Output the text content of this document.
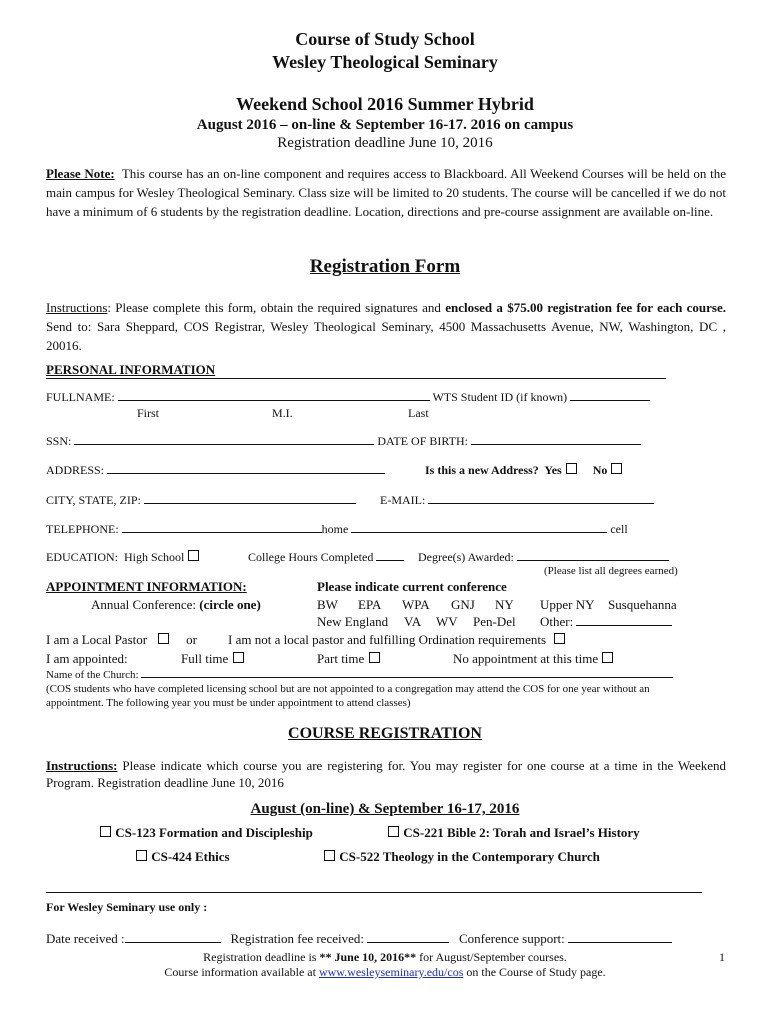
Course of Study School
Wesley Theological Seminary
Weekend School 2016 Summer Hybrid
August 2016 – on-line & September 16-17. 2016 on campus
Registration deadline June 10, 2016
Please Note: This course has an on-line component and requires access to Blackboard. All Weekend Courses will be held on the main campus for Wesley Theological Seminary. Class size will be limited to 20 students. The course will be cancelled if we do not have a minimum of 6 students by the registration deadline. Location, directions and pre-course assignment are available on-line.
Registration Form
Instructions: Please complete this form, obtain the required signatures and enclosed a $75.00 registration fee for each course. Send to: Sara Sheppard, COS Registrar, Wesley Theological Seminary, 4500 Massachusetts Avenue, NW, Washington, DC , 20016.
PERSONAL INFORMATION
FULLNAME:	WTS Student ID (if known)
First	M.I.	Last
SSN:	DATE OF BIRTH:
ADDRESS:	Is this a new Address? Yes	No
CITY, STATE, ZIP:	E-MAIL:
TELEPHONE:	home	cell
EDUCATION: High School	College Hours Completed	Degree(s) Awarded:
(Please list all degrees earned)
APPOINTMENT INFORMATION:
Annual Conference: (circle one)
Please indicate current conference
BW EPA WPA GNJ NY Upper NY Susquehanna
New England VA WV Pen-Del Other:
I am a Local Pastor	or I am not a local pastor and fulfilling Ordination requirements
I am appointed:	Full time	Part time	No appointment at this time
Name of the Church:
(COS students who have completed licensing school but are not appointed to a congregation may attend the COS for one year without an
appointment. The following year you must be under appointment to attend classes)
COURSE REGISTRATION
Instructions: Please indicate which course you are registering for. You may register for one course at a time in the Weekend Program. Registration deadline June 10, 2016
August (on-line) & September 16-17, 2016
CS-123 Formation and Discipleship	CS-221 Bible 2: Torah and Israel’s History
CS-424 Ethics	CS-522 Theology in the Contemporary Church
For Wesley Seminary use only :
Date received :	Registration fee received:	Conference support:
Registration deadline is ** June 10, 2016** for August/September courses.
Course information available at www.wesleyseminary.edu/cos on the Course of Study page.
1
